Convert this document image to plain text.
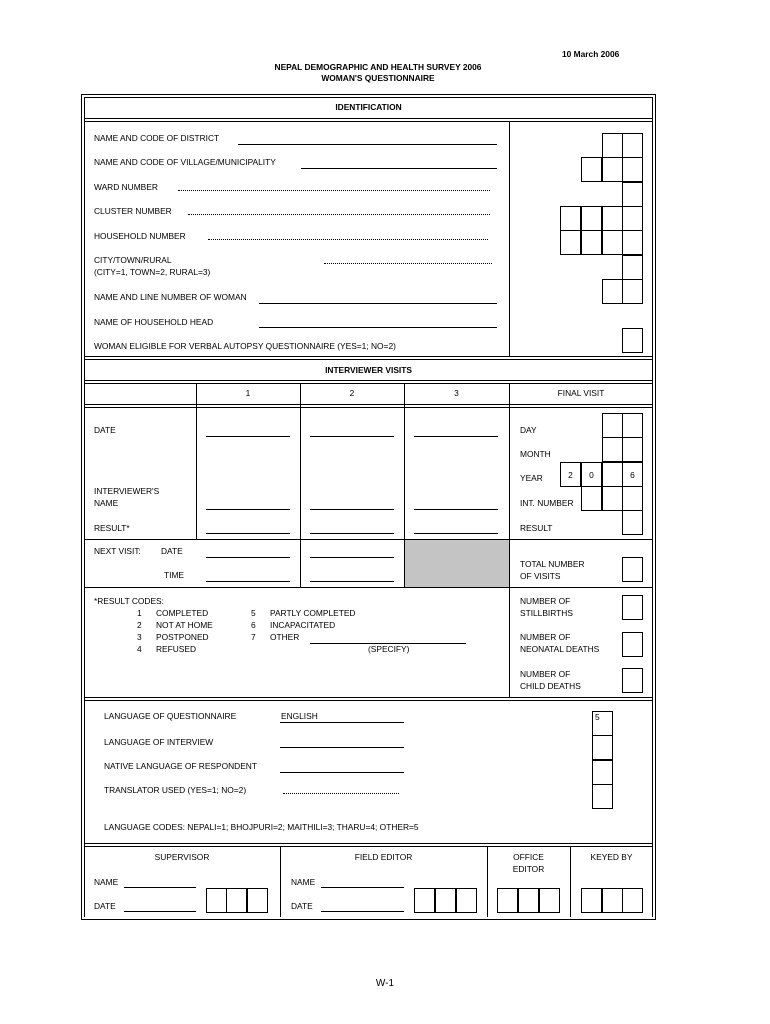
10 March 2006
NEPAL DEMOGRAPHIC AND HEALTH SURVEY 2006
WOMAN'S QUESTIONNAIRE
IDENTIFICATION
NAME AND CODE OF DISTRICT
NAME AND CODE OF VILLAGE/MUNICIPALITY
WARD NUMBER
CLUSTER NUMBER
HOUSEHOLD NUMBER
CITY/TOWN/RURAL
(CITY=1, TOWN=2, RURAL=3)
NAME AND LINE NUMBER OF WOMAN
NAME OF HOUSEHOLD HEAD
WOMAN ELIGIBLE FOR VERBAL AUTOPSY QUESTIONNAIRE (YES=1; NO=2)
INTERVIEWER VISITS
1	2	3	FINAL VISIT
DATE
INTERVIEWER'S
NAME
RESULT*
DAY
MONTH
YEAR
INT. NUMBER
RESULT
2	0	6
NEXT VISIT: DATE
TIME
TOTAL NUMBER
OF VISITS
*RESULT CODES:
1 COMPLETED
2 NOT AT HOME
3 POSTPONED
4 REFUSED
5 PARTLY COMPLETED
6 INCAPACITATED
7 OTHER
(SPECIFY)
NUMBER OF
STILLBIRTHS
NUMBER OF
NEONATAL DEATHS
NUMBER OF
CHILD DEATHS
LANGUAGE OF QUESTIONNAIRE	ENGLISH
LANGUAGE OF INTERVIEW
NATIVE LANGUAGE OF RESPONDENT
TRANSLATOR USED (YES=1; NO=2)
5
LANGUAGE CODES: NEPALI=1; BHOJPURI=2; MAITHILI=3; THARU=4; OTHER=5
SUPERVISOR	FIELD EDITOR	OFFICE
EDITOR
KEYED BY
NAME
DATE
NAME
DATE
W-1
